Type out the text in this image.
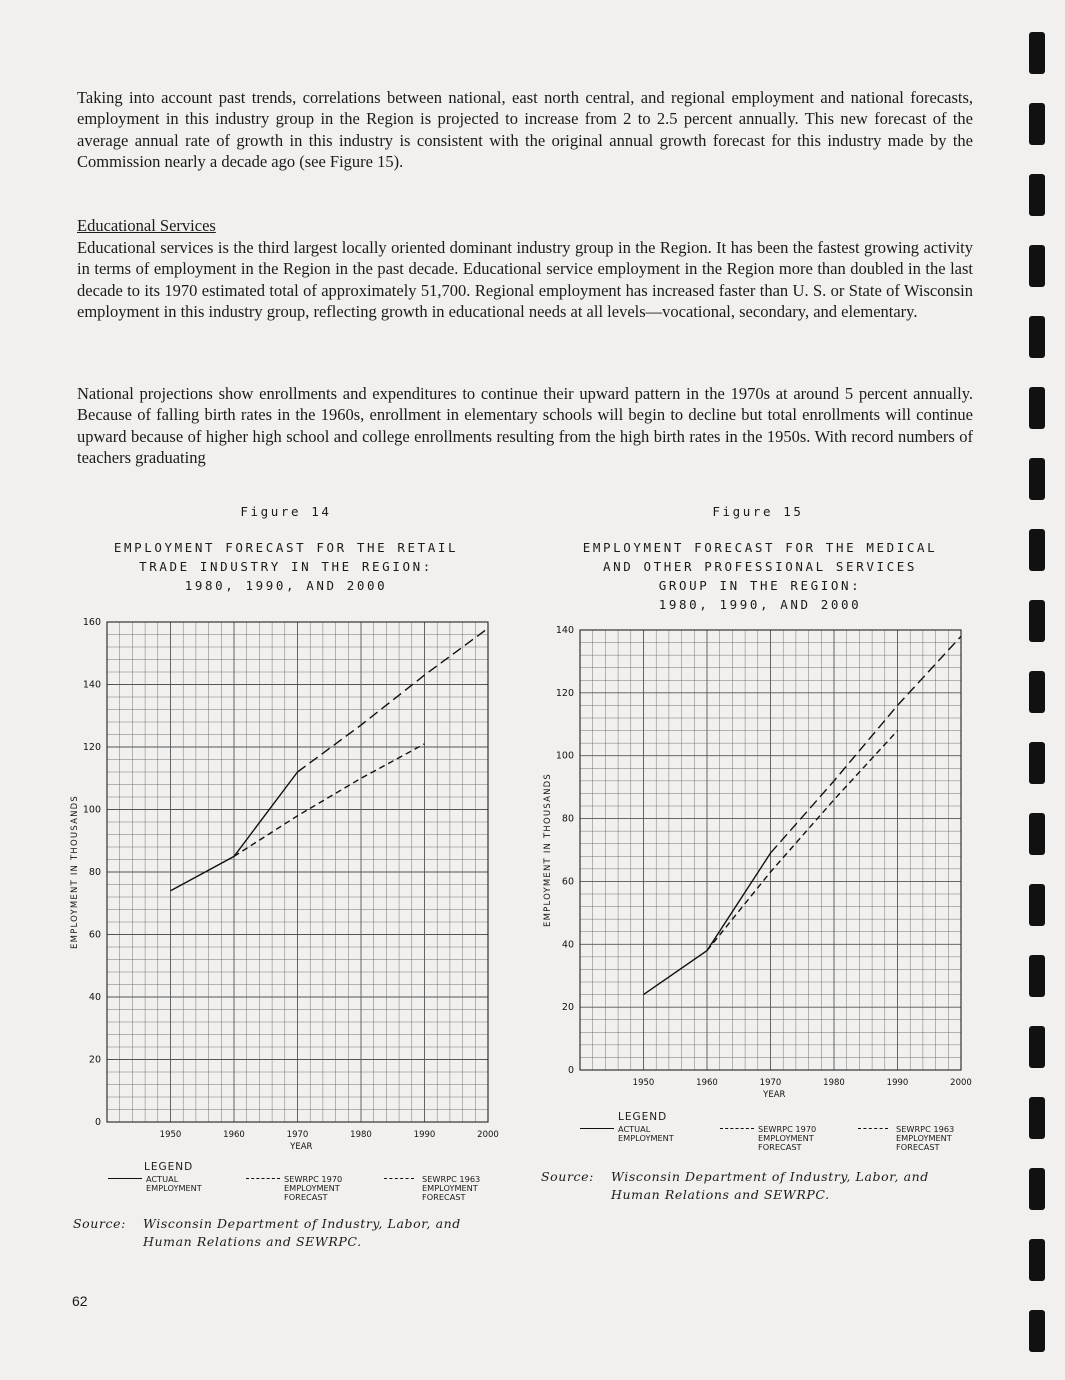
Taking into account past trends, correlations between national, east north central, and regional employment and national forecasts, employment in this industry group in the Region is projected to increase from 2 to 2.5 percent annually. This new forecast of the average annual rate of growth in this industry is consistent with the original annual growth forecast for this industry made by the Commission nearly a decade ago (see Figure 15).

Educational Services

Educational services is the third largest locally oriented dominant industry group in the Region. It has been the fastest growing activity in terms of employment in the Region in the past decade. Educational service employment in the Region more than doubled in the last decade to its 1970 estimated total of approximately 51,700. Regional employment has increased faster than U. S. or State of Wisconsin employment in this industry group, reflecting growth in educational needs at all levels—vocational, secondary, and elementary.

National projections show enrollments and expenditures to continue their upward pattern in the 1970s at around 5 percent annually. Because of falling birth rates in the 1960s, enrollment in elementary schools will begin to decline but total enrollments will continue upward because of higher high school and college enrollments resulting from the high birth rates in the 1950s. With record numbers of teachers graduating

Figure 14
EMPLOYMENT FORECAST FOR THE RETAIL
TRADE INDUSTRY IN THE REGION:
1980, 1990, AND 2000
0
20
40
60
80
100
120
140
160
1950	1960	1970	1980	1990	2000
YEAR
EMPLOYMENT IN THOUSANDS
LEGEND
ACTUAL
EMPLOYMENT
SEWRPC 1970
EMPLOYMENT
FORECAST
SEWRPC 1963
EMPLOYMENT
FORECAST
Source: Wisconsin Department of Industry, Labor, and
Human Relations and SEWRPC.
Figure 15
EMPLOYMENT FORECAST FOR THE MEDICAL
AND OTHER PROFESSIONAL SERVICES
GROUP IN THE REGION:
1980, 1990, AND 2000
0
20
40
60
80
100
120
140
1950	1960	1970	1980	1990	2000
YEAR
EMPLOYMENT IN THOUSANDS
LEGEND
ACTUAL
EMPLOYMENT
SEWRPC 1970
EMPLOYMENT
FORECAST
SEWRPC 1963
EMPLOYMENT
FORECAST
Source: Wisconsin Department of Industry, Labor, and
Human Relations and SEWRPC.
62
